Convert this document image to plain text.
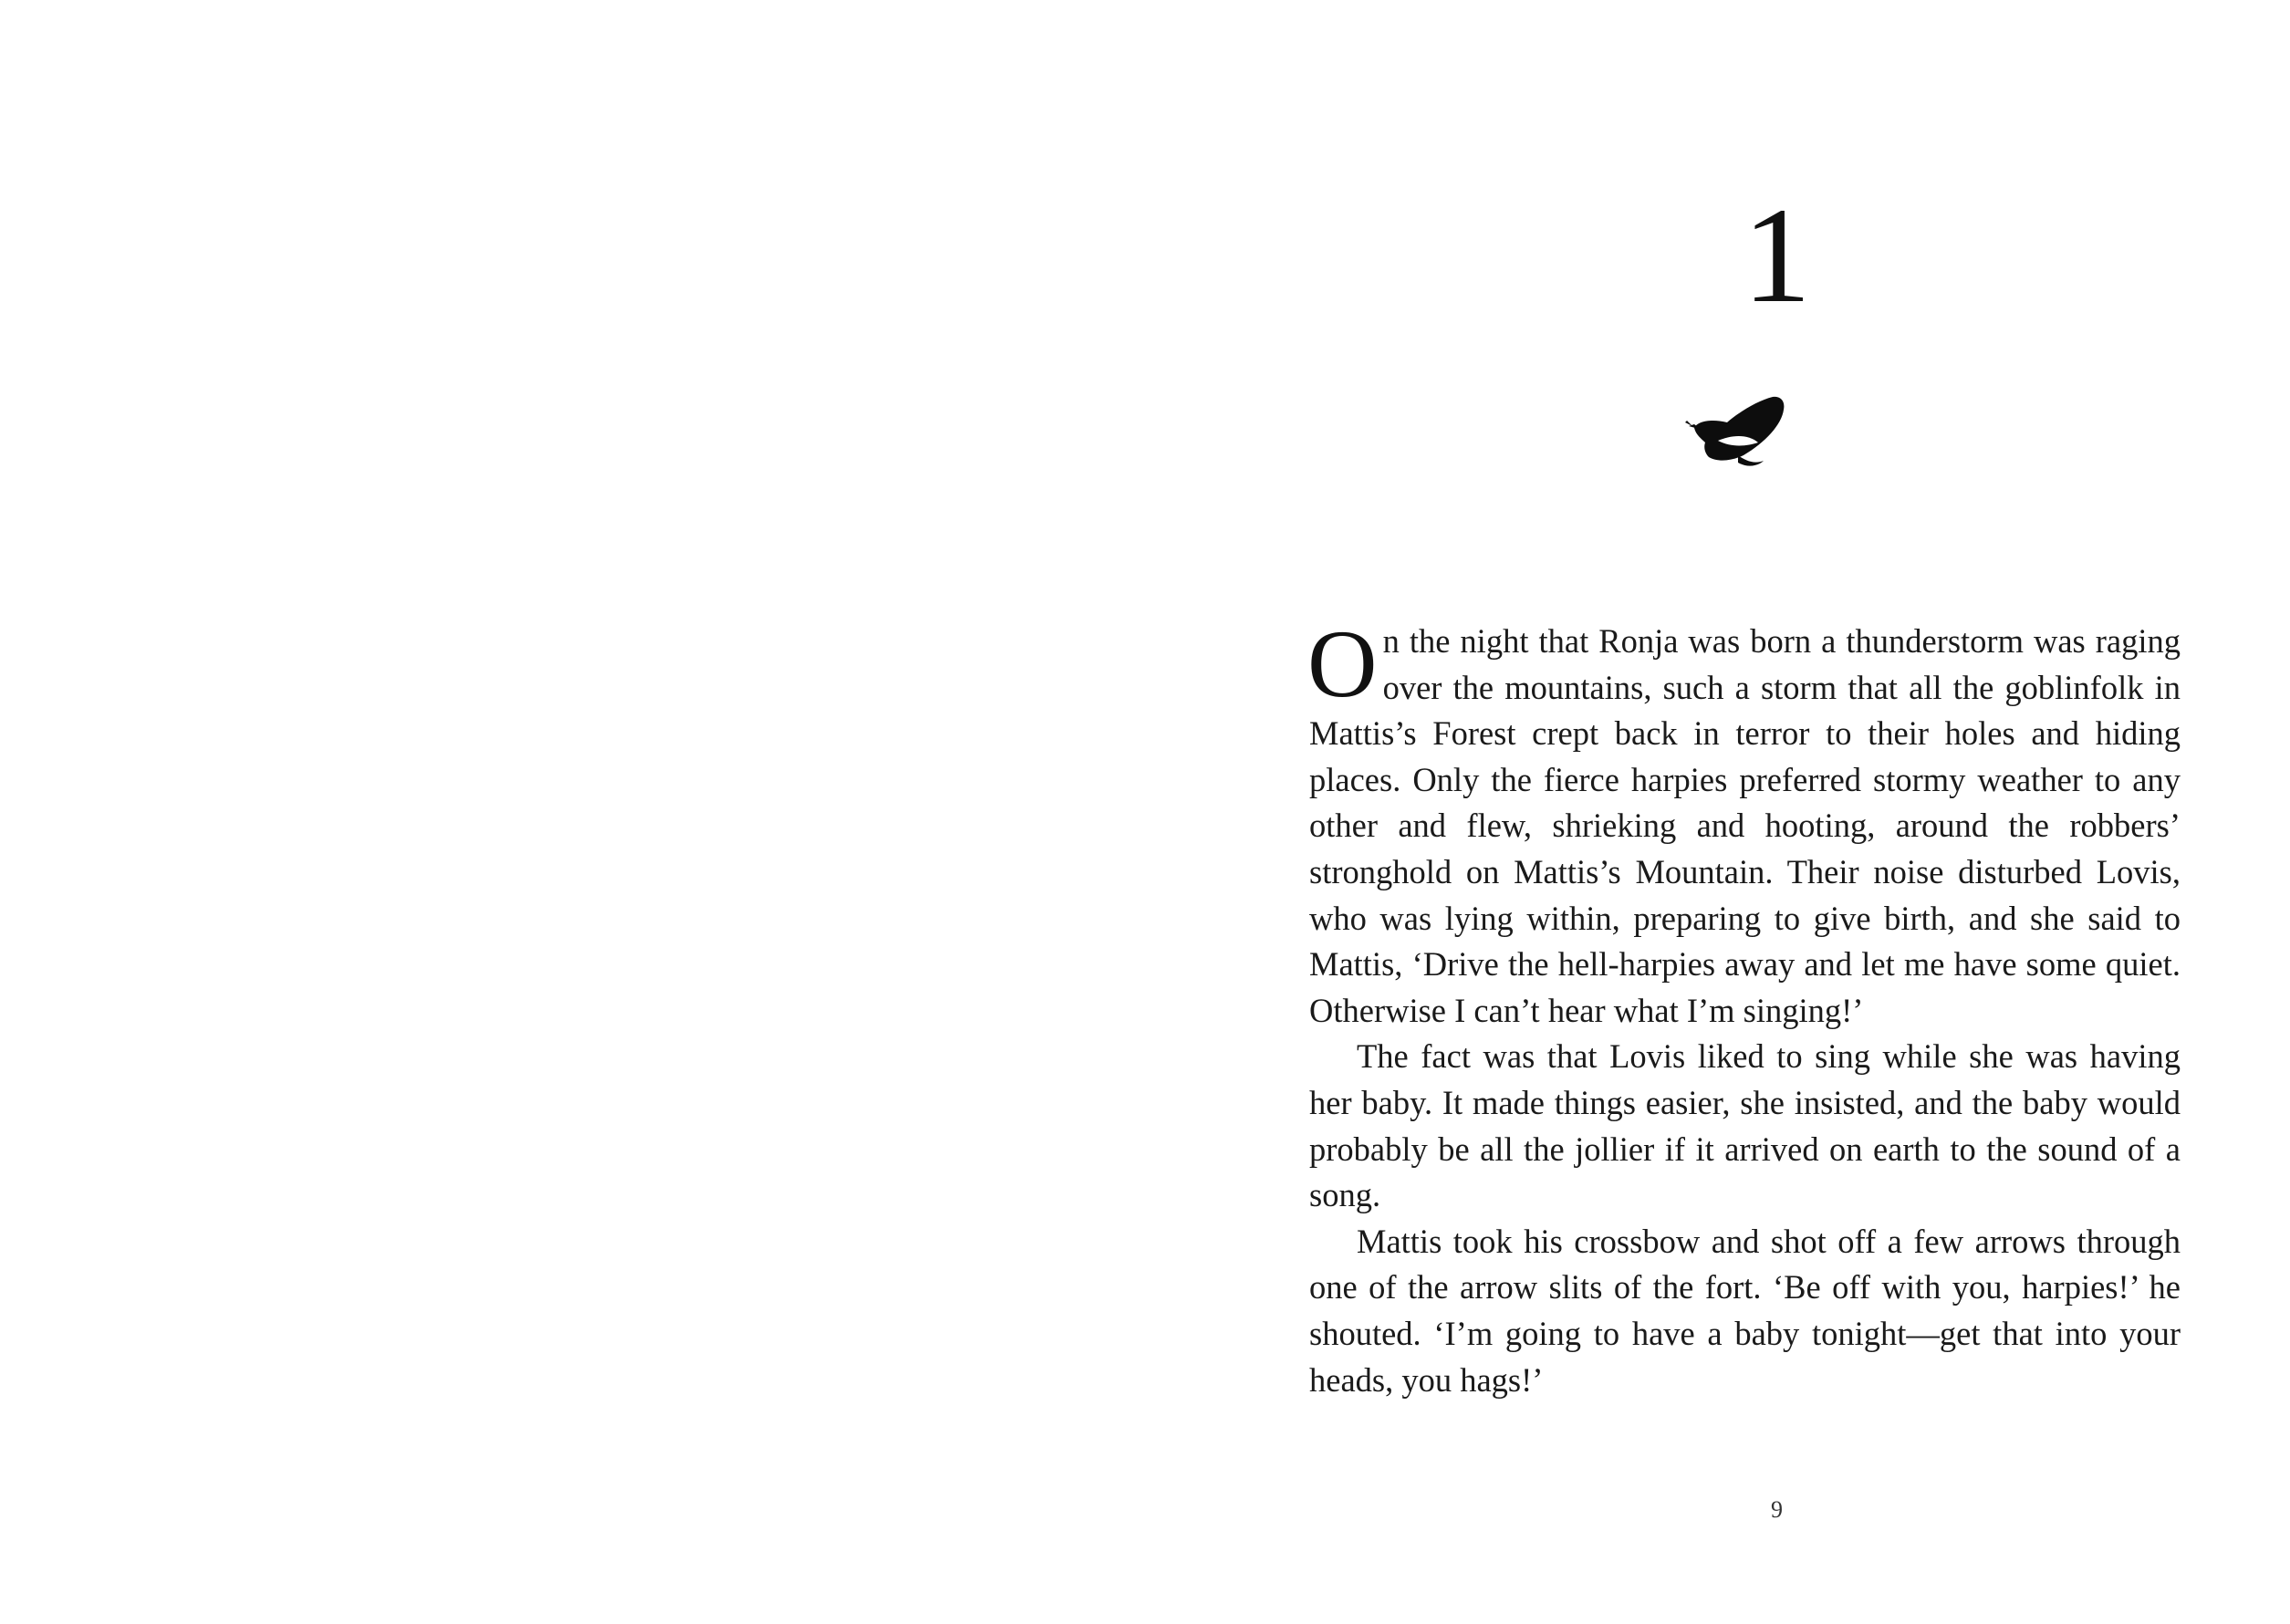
1

On the night that Ronja was born a thunderstorm was raging over the mountains, such a storm that all the goblinfolk in Mattis’s Forest crept back in terror to their holes and hiding places. Only the fierce harpies preferred stormy weather to any other and flew, shrieking and hooting, around the robbers’ stronghold on Mattis’s Mountain. Their noise disturbed Lovis, who was lying within, preparing to give birth, and she said to Mattis, ‘Drive the hell-harpies away and let me have some quiet. Otherwise I can’t hear what I’m singing!’

The fact was that Lovis liked to sing while she was having her baby. It made things easier, she insisted, and the baby would probably be all the jollier if it arrived on earth to the sound of a song.

Mattis took his crossbow and shot off a few arrows through one of the arrow slits of the fort. ‘Be off with you, harpies!’ he shouted. ‘I’m going to have a baby tonight—get that into your heads, you hags!’

9
